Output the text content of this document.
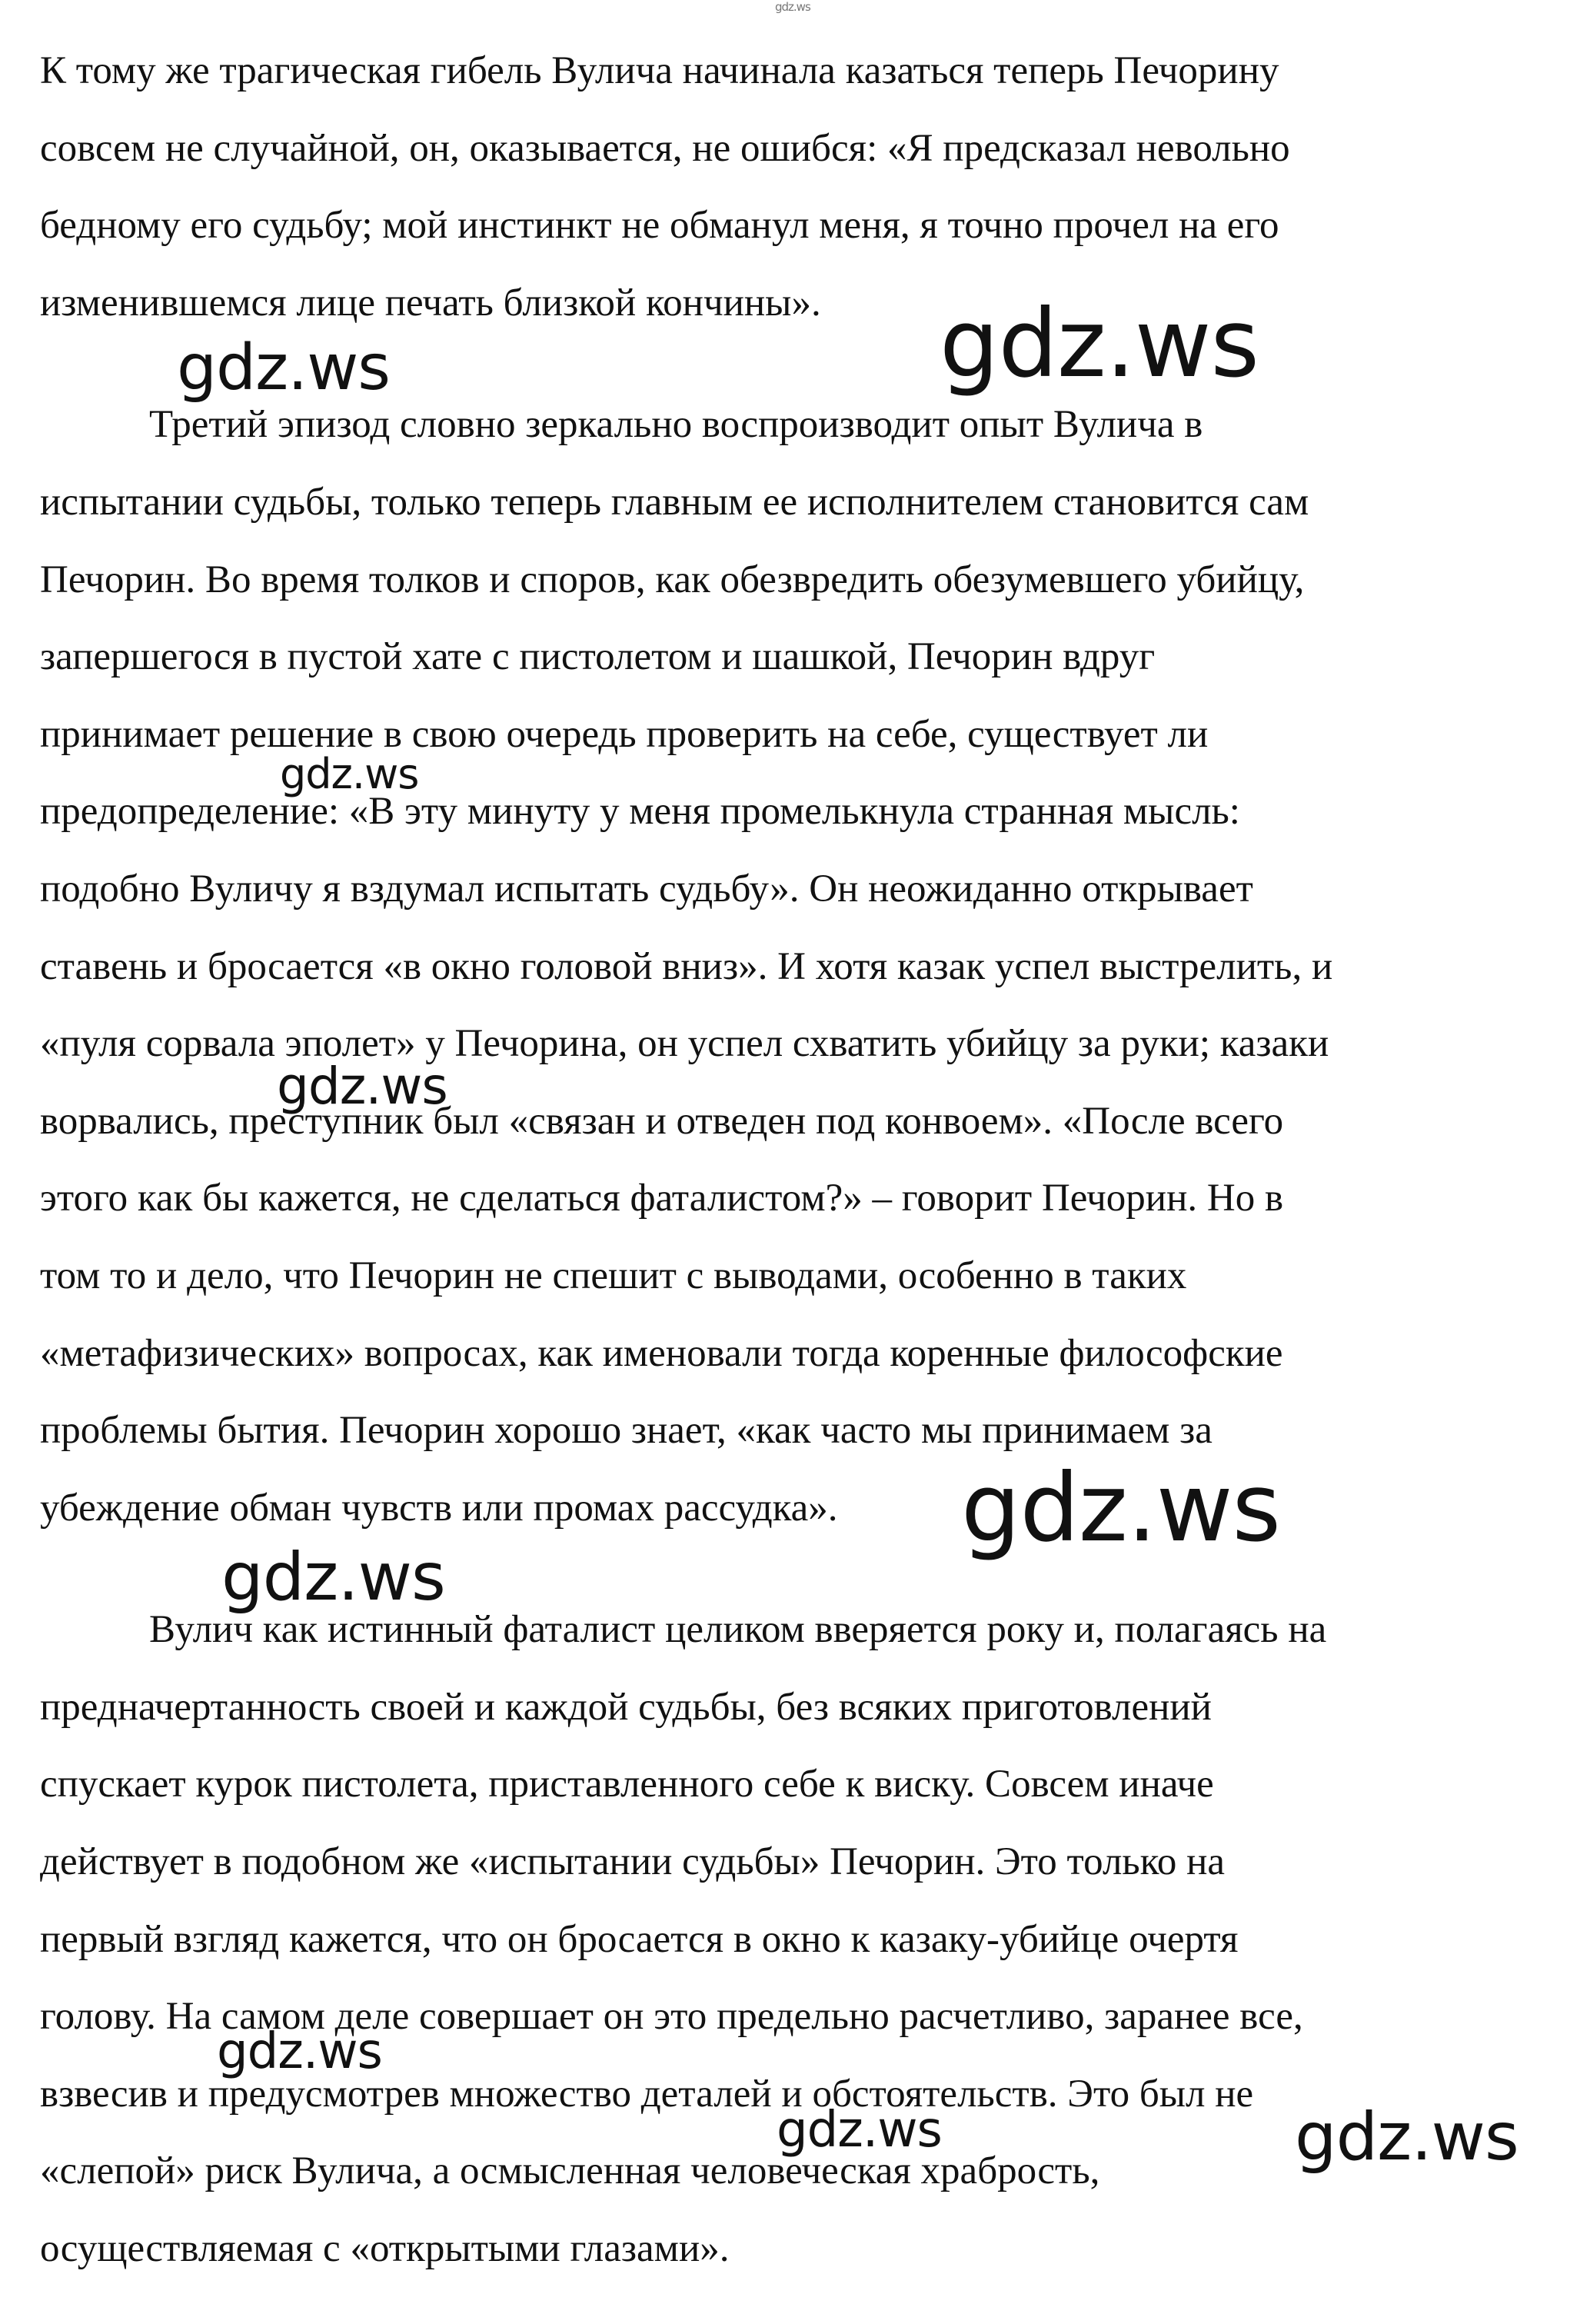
К тому же трагическая гибель Вулича начинала казаться теперь Печорину
совсем не случайной, он, оказывается, не ошибся: «Я предсказал невольно
бедному его судьбу; мой инстинкт не обманул меня, я точно прочел на его
изменившемся лице печать близкой кончины».
Третий эпизод словно зеркально воспроизводит опыт Вулича в
испытании судьбы, только теперь главным ее исполнителем становится сам
Печорин. Во время толков и споров, как обезвредить обезумевшего убийцу,
запершегося в пустой хате с пистолетом и шашкой, Печорин вдруг
принимает решение в свою очередь проверить на себе, существует ли
предопределение: «В эту минуту у меня промелькнула странная мысль:
подобно Вуличу я вздумал испытать судьбу». Он неожиданно открывает
ставень и бросается «в окно головой вниз». И хотя казак успел выстрелить, и
«пуля сорвала эполет» у Печорина, он успел схватить убийцу за руки; казаки
ворвались, преступник был «связан и отведен под конвоем». «После всего
этого как бы кажется, не сделаться фаталистом?» – говорит Печорин. Но в
том то и дело, что Печорин не спешит с выводами, особенно в таких
«метафизических» вопросах, как именовали тогда коренные философские
проблемы бытия. Печорин хорошо знает, «как часто мы принимаем за
убеждение обман чувств или промах рассудка».
Вулич как истинный фаталист целиком вверяется року и, полагаясь на
предначертанность своей и каждой судьбы, без всяких приготовлений
спускает курок пистолета, приставленного себе к виску. Совсем иначе
действует в подобном же «испытании судьбы» Печорин. Это только на
первый взгляд кажется, что он бросается в окно к казаку-убийце очертя
голову. На самом деле совершает он это предельно расчетливо, заранее все,
взвесив и предусмотрев множество деталей и обстоятельств. Это был не
«слепой» риск Вулича, а осмысленная человеческая храбрость,
осуществляемая с «открытыми глазами».
gdz.ws
gdz.ws	gdz.ws
gdz.ws
gdz.ws
gdz.ws
gdz.ws
gdz.ws
gdz.ws	gdz.ws
